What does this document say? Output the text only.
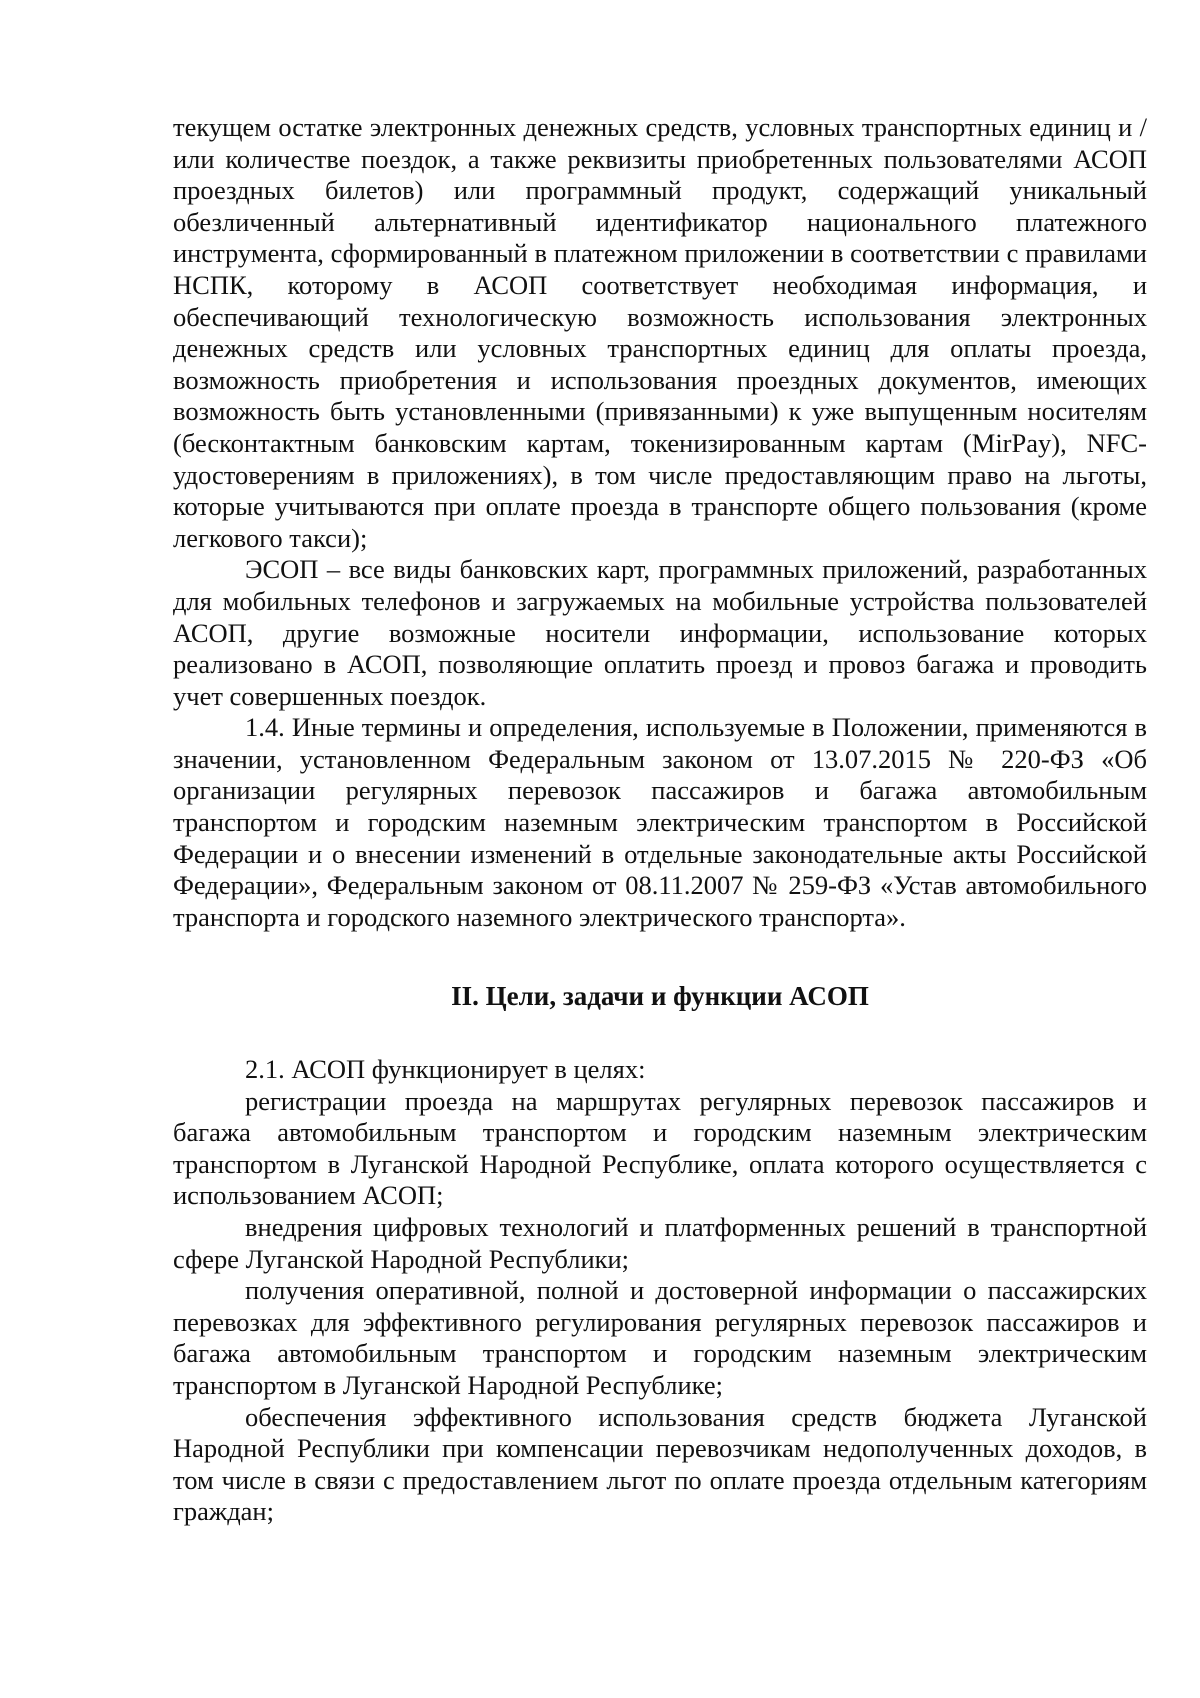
текущем остатке электронных денежных средств, условных транспортных единиц и / или количестве поездок, а также реквизиты приобретенных пользователями АСОП проездных билетов) или программный продукт, содержащий уникальный обезличенный альтернативный идентификатор национального платежного инструмента, сформированный в платежном приложении в соответствии с правилами НСПК, которому в АСОП соответствует необходимая информация, и обеспечивающий технологическую возможность использования электронных денежных средств или условных транспортных единиц для оплаты проезда, возможность приобретения и использования проездных документов, имеющих возможность быть установленными (привязанными) к уже выпущенным носителям (бесконтактным банковским картам, токенизированным картам (MirPay), NFC-удостоверениям в приложениях), в том числе предоставляющим право на льготы, которые учитываются при оплате проезда в транспорте общего пользования (кроме легкового такси);

ЭСОП – все виды банковских карт, программных приложений, разработанных для мобильных телефонов и загружаемых на мобильные устройства пользователей АСОП, другие возможные носители информации, использование которых реализовано в АСОП, позволяющие оплатить проезд и провоз багажа и проводить учет совершенных поездок.

1.4. Иные термины и определения, используемые в Положении, применяются в значении, установленном Федеральным законом от 13.07.2015 № 220-ФЗ «Об организации регулярных перевозок пассажиров и багажа автомобильным транспортом и городским наземным электрическим транспортом в Российской Федерации и о внесении изменений в отдельные законодательные акты Российской Федерации», Федеральным законом от 08.11.2007 № 259-ФЗ «Устав автомобильного транспорта и городского наземного электрического транспорта».

II. Цели, задачи и функции АСОП

2.1. АСОП функционирует в целях:

регистрации проезда на маршрутах регулярных перевозок пассажиров и багажа автомобильным транспортом и городским наземным электрическим транспортом в Луганской Народной Республике, оплата которого осуществляется с использованием АСОП;

внедрения цифровых технологий и платформенных решений в транспортной сфере Луганской Народной Республики;

получения оперативной, полной и достоверной информации о пассажирских перевозках для эффективного регулирования регулярных перевозок пассажиров и багажа автомобильным транспортом и городским наземным электрическим транспортом в Луганской Народной Республике;

обеспечения эффективного использования средств бюджета Луганской Народной Республики при компенсации перевозчикам недополученных доходов, в том числе в связи с предоставлением льгот по оплате проезда отдельным категориям граждан;
